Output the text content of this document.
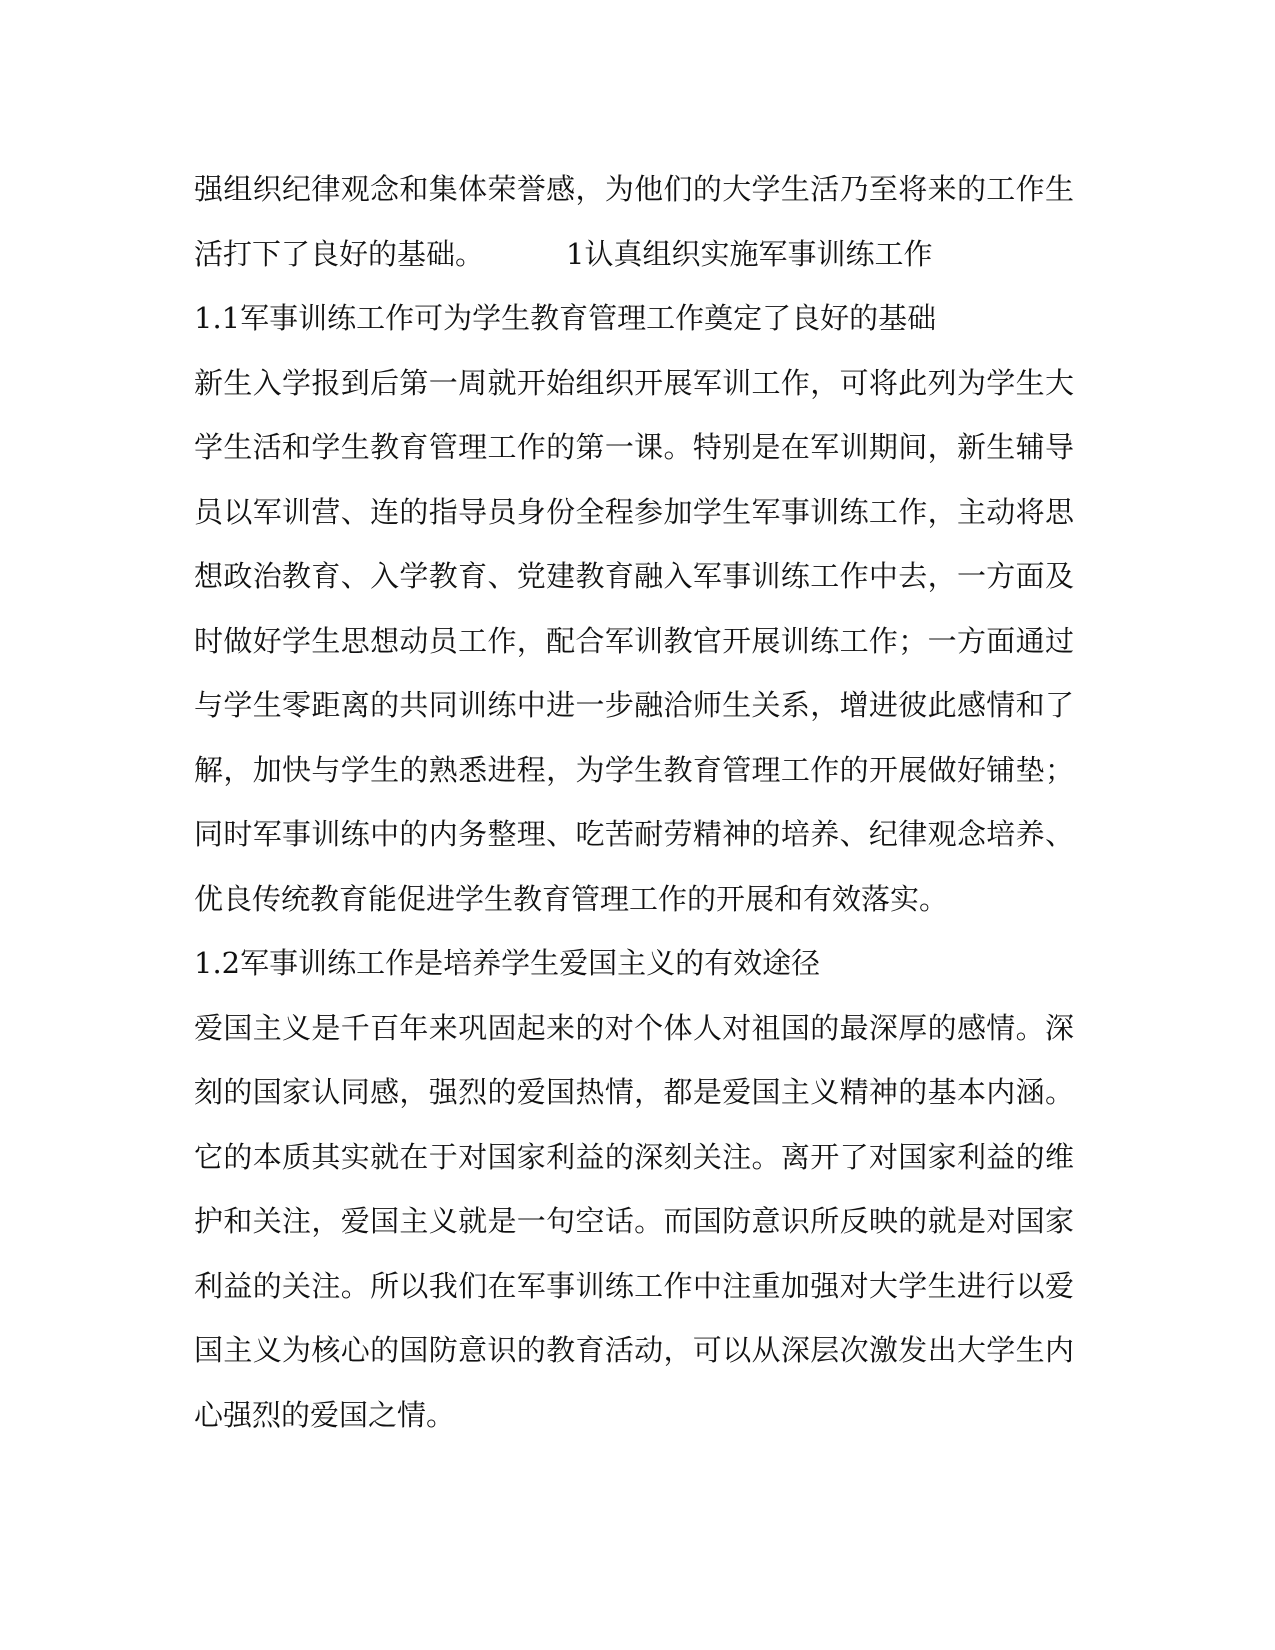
强组织纪律观念和集体荣誉感，为他们的大学生活乃至将来的工作生
活打下了良好的基础。	1认真组织实施军事训练工作
1.1军事训练工作可为学生教育管理工作奠定了良好的基础
新生入学报到后第一周就开始组织开展军训工作，可将此列为学生大
学生活和学生教育管理工作的第一课。特别是在军训期间，新生辅导
员以军训营、连的指导员身份全程参加学生军事训练工作，主动将思
想政治教育、入学教育、党建教育融入军事训练工作中去，一方面及
时做好学生思想动员工作，配合军训教官开展训练工作；一方面通过
与学生零距离的共同训练中进一步融洽师生关系，增进彼此感情和了
解，加快与学生的熟悉进程，为学生教育管理工作的开展做好铺垫；
同时军事训练中的内务整理、吃苦耐劳精神的培养、纪律观念培养、
优良传统教育能促进学生教育管理工作的开展和有效落实。
1.2军事训练工作是培养学生爱国主义的有效途径
爱国主义是千百年来巩固起来的对个体人对祖国的最深厚的感情。深
刻的国家认同感，强烈的爱国热情，都是爱国主义精神的基本内涵。
它的本质其实就在于对国家利益的深刻关注。离开了对国家利益的维
护和关注，爱国主义就是一句空话。而国防意识所反映的就是对国家
利益的关注。所以我们在军事训练工作中注重加强对大学生进行以爱
国主义为核心的国防意识的教育活动，可以从深层次激发出大学生内
心强烈的爱国之情。
